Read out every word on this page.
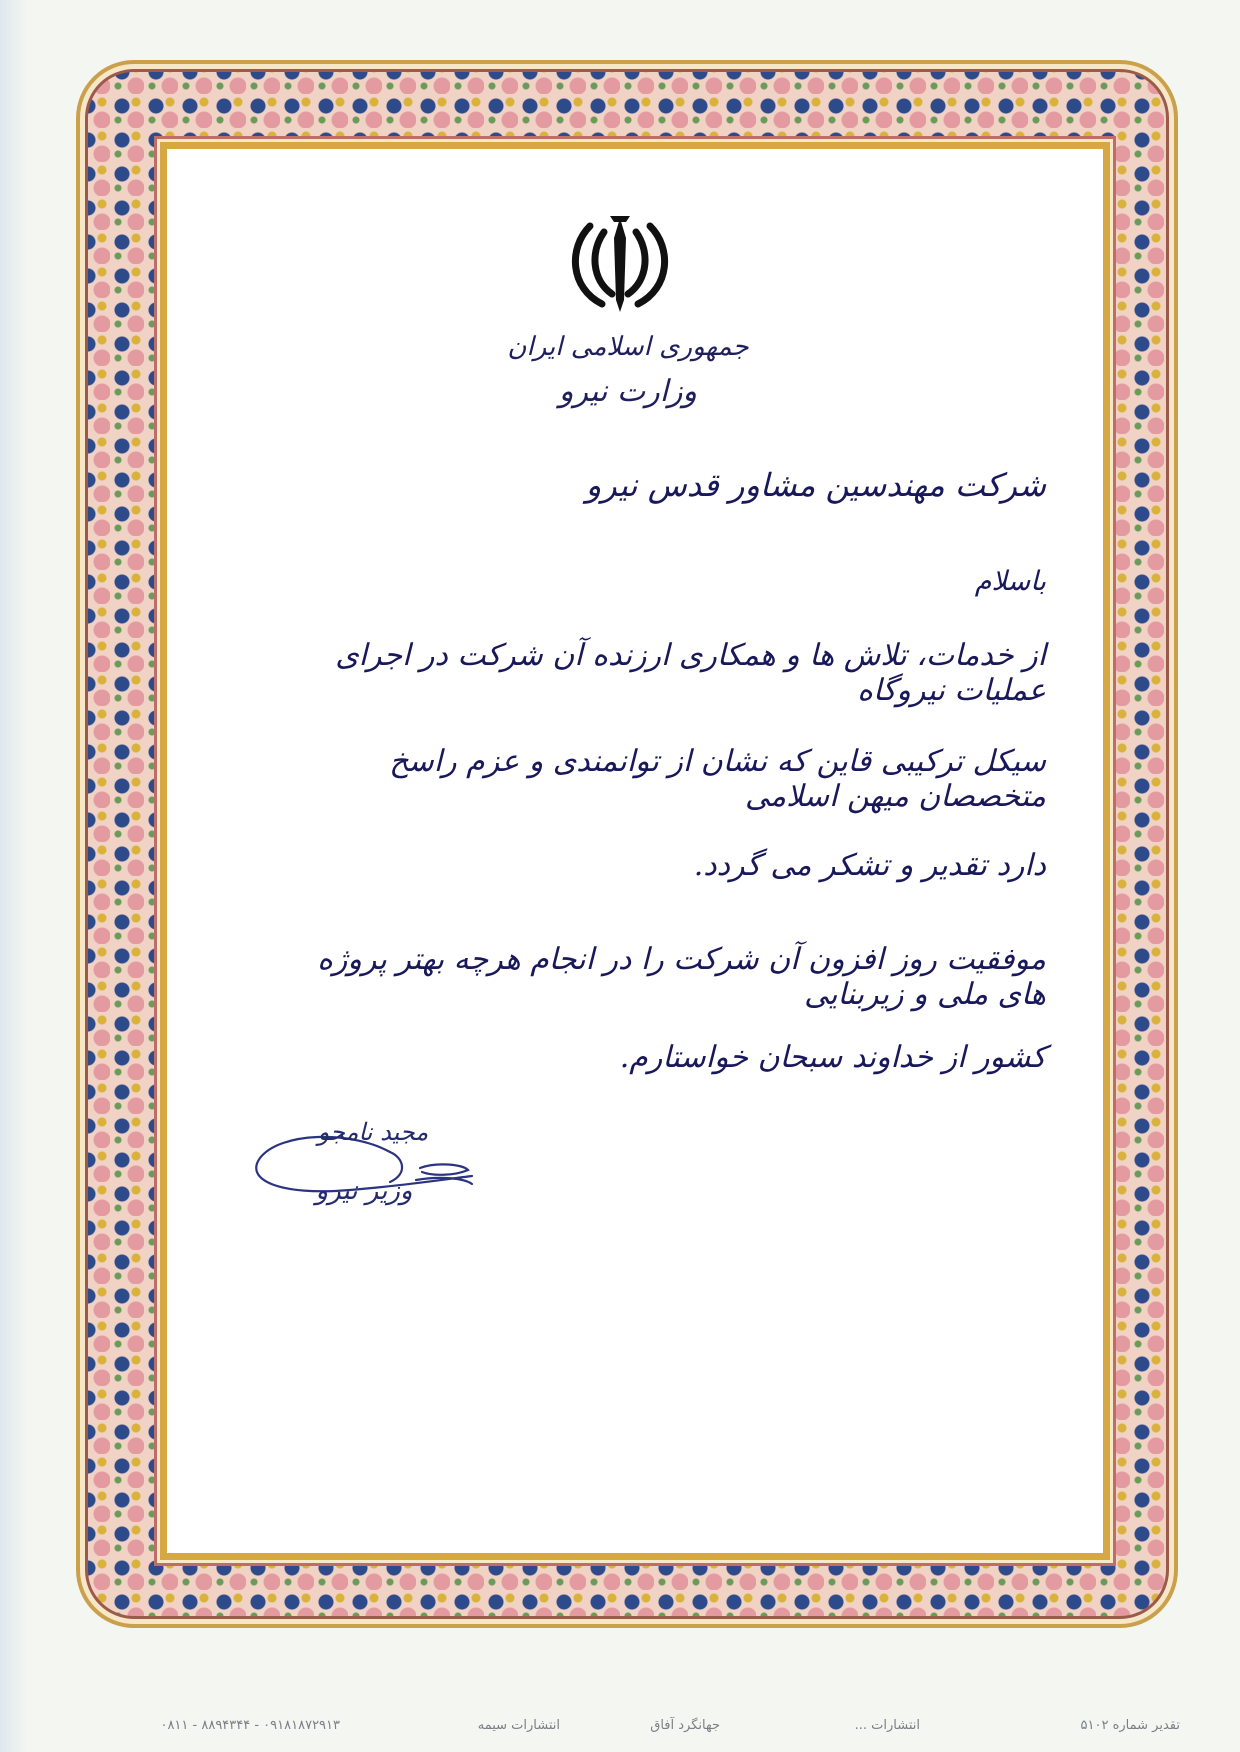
جمهوری اسلامی ایران
وزارت نیرو
شرکت مهندسین مشاور قدس نیرو
باسلام
از خدمات، تلاش ها و همکاری ارزنده آن شرکت در اجرای عملیات نیروگاه
سیکل ترکیبی قاین که نشان از توانمندی و عزم راسخ متخصصان میهن اسلامی
دارد تقدیر و تشکر می گردد.
موفقیت روز افزون آن شرکت را در انجام هرچه بهتر پروژه های ملی و زیربنایی
کشور از خداوند سبحان خواستارم.
مجید نامجو
وزیر نیرو
تقدیر شماره ۵۱۰۲
انتشارات ...
جهانگرد آفاق
انتشارات سیمه
۰۸۱۱ - ۸۸۹۴۳۴۴ - ۰۹۱۸۱۸۷۲۹۱۳
